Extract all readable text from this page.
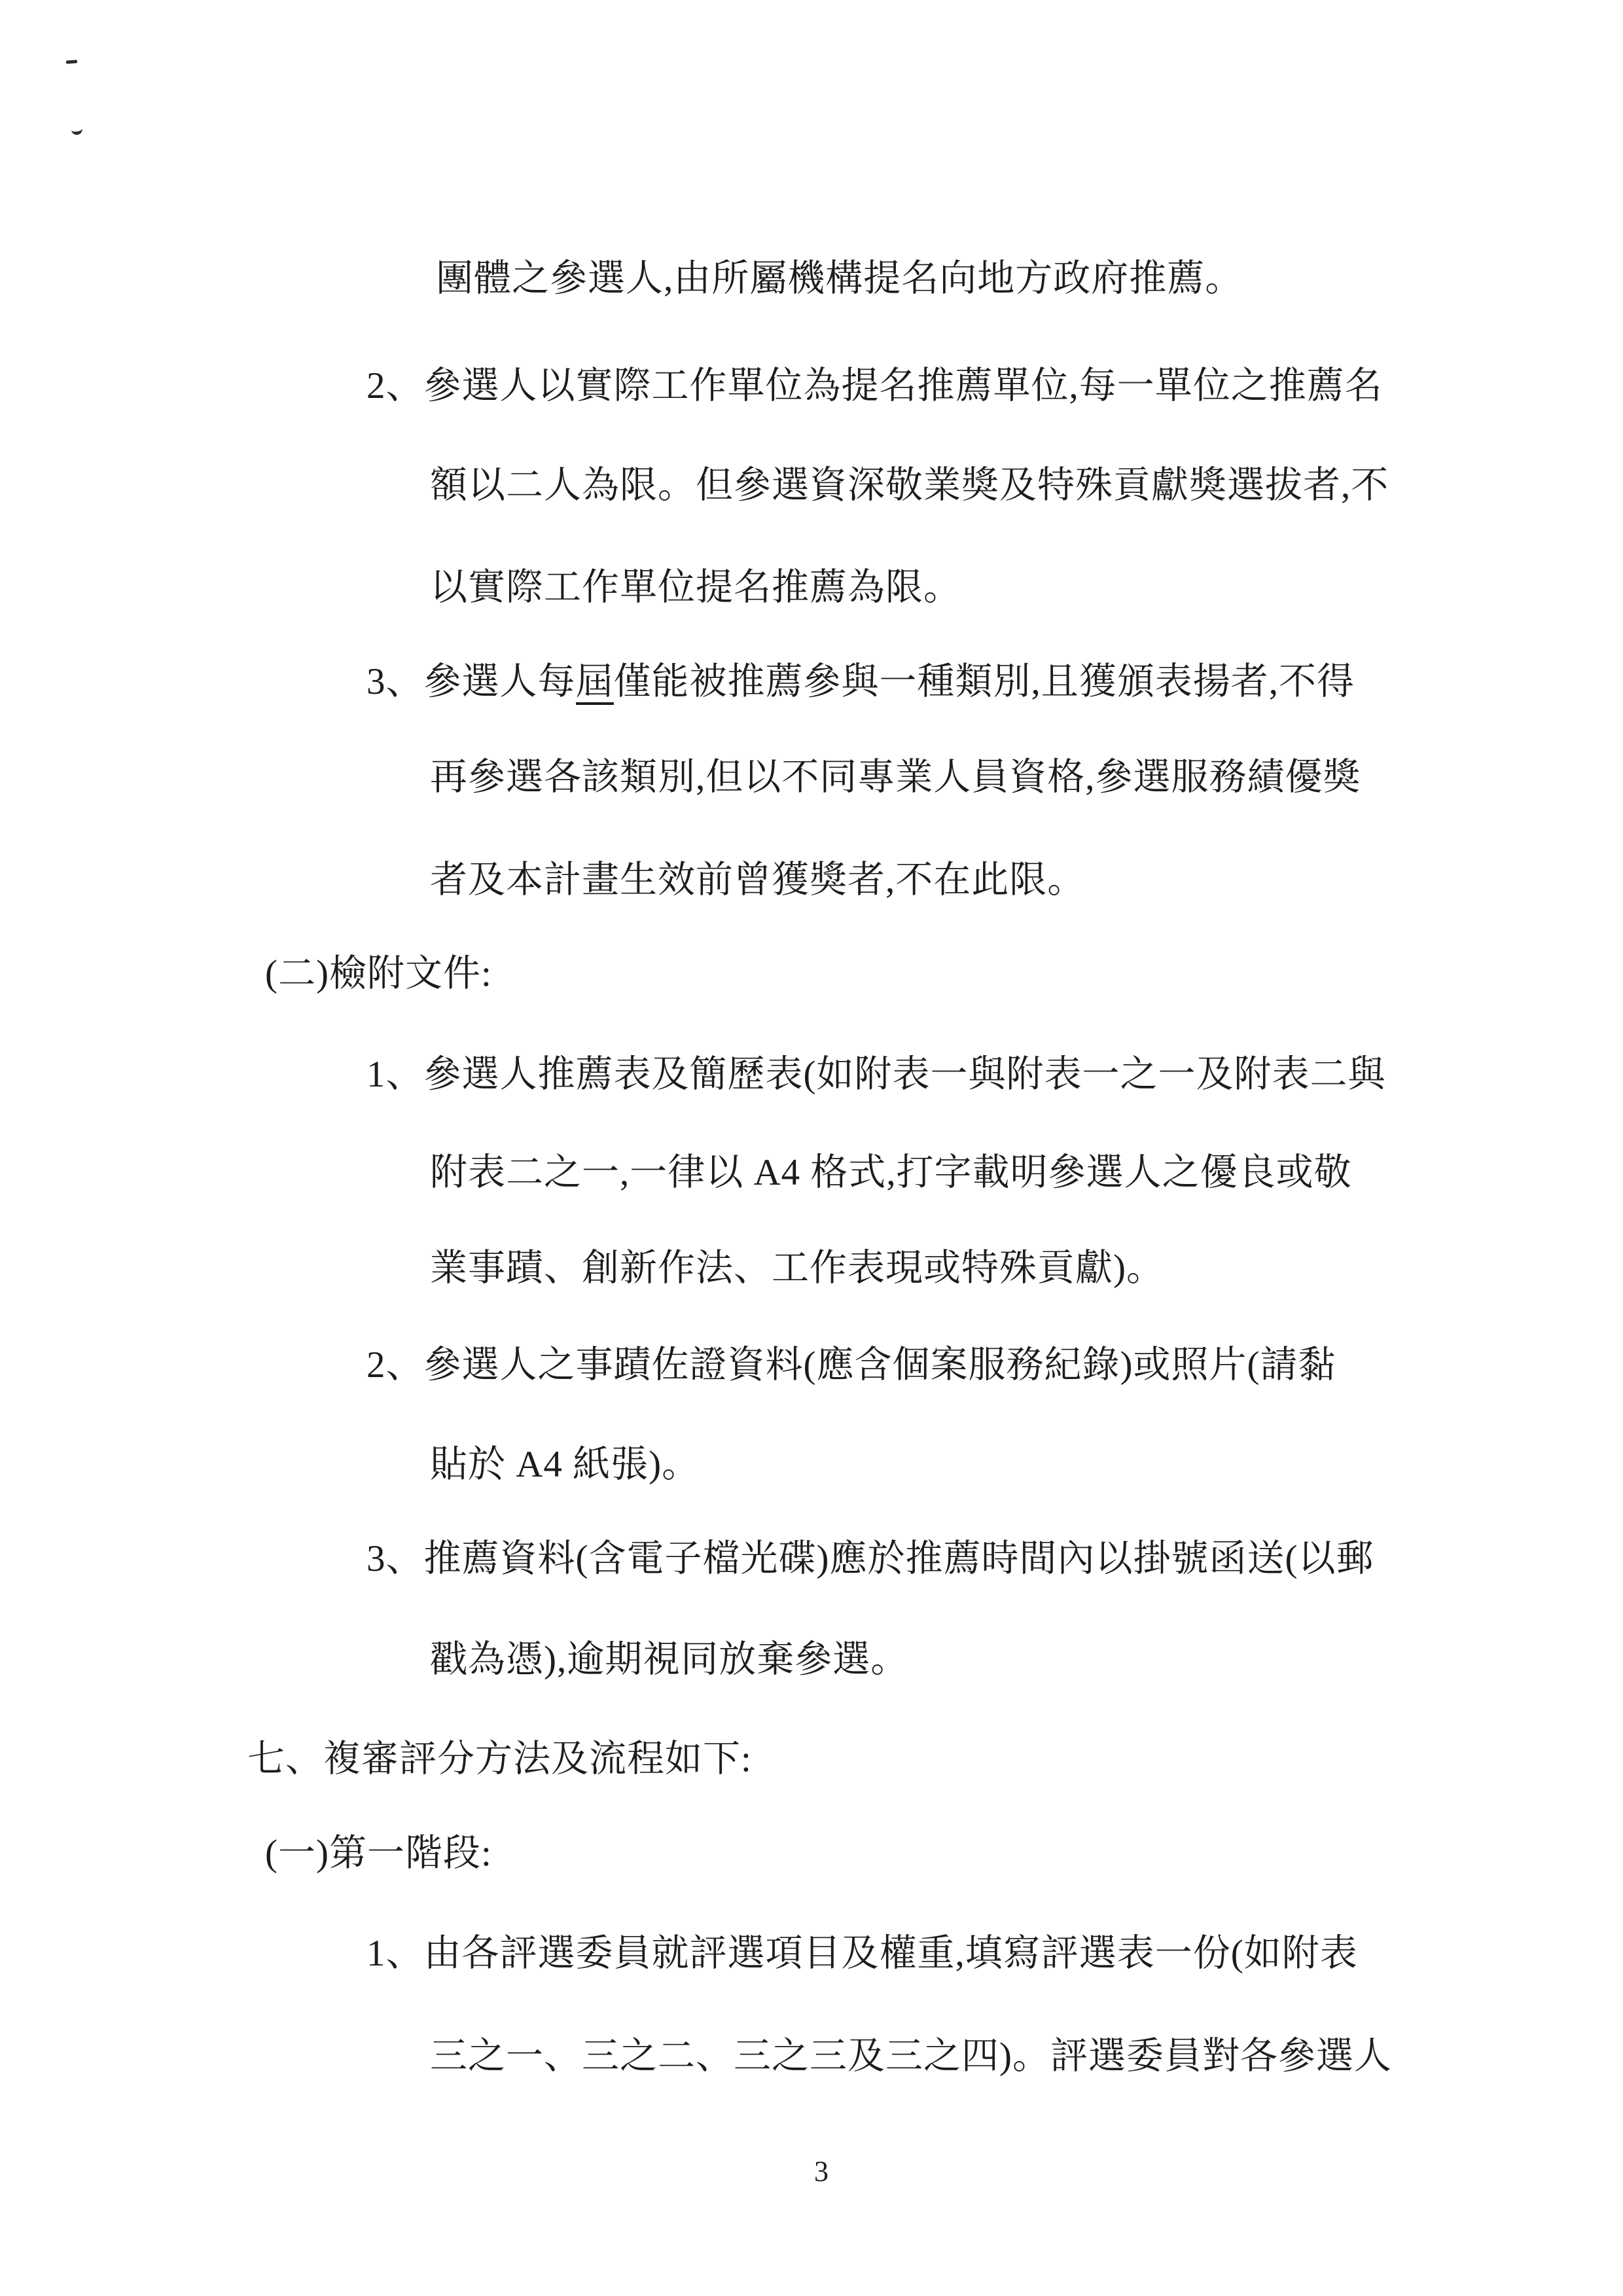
團體之參選人,由所屬機構提名向地方政府推薦。

2、參選人以實際工作單位為提名推薦單位,每一單位之推薦名

額以二人為限。但參選資深敬業獎及特殊貢獻獎選拔者,不

以實際工作單位提名推薦為限。

3、參選人每屆僅能被推薦參與一種類別,且獲頒表揚者,不得

再參選各該類別,但以不同專業人員資格,參選服務績優獎

者及本計畫生效前曾獲獎者,不在此限。

(二)檢附文件:

1、參選人推薦表及簡歷表(如附表一與附表一之一及附表二與

附表二之一,一律以 A4 格式,打字載明參選人之優良或敬

業事蹟、創新作法、工作表現或特殊貢獻)。

2、參選人之事蹟佐證資料(應含個案服務紀錄)或照片(請黏

貼於 A4 紙張)。

3、推薦資料(含電子檔光碟)應於推薦時間內以掛號函送(以郵

戳為憑),逾期視同放棄參選。

七、複審評分方法及流程如下:

(一)第一階段:

1、由各評選委員就評選項目及權重,填寫評選表一份(如附表

三之一、三之二、三之三及三之四)。評選委員對各參選人

3
